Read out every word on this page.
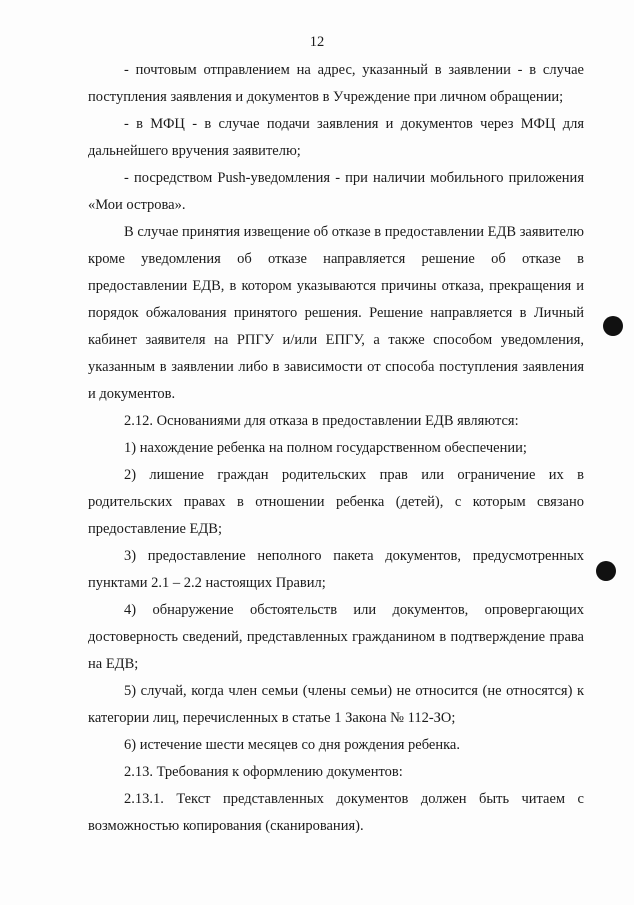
12

- почтовым отправлением на адрес, указанный в заявлении - в случае поступления заявления и документов в Учреждение при личном обращении;

- в МФЦ - в случае подачи заявления и документов через МФЦ для дальнейшего вручения заявителю;

- посредством Push-уведомления - при наличии мобильного приложения «Мои острова».

В случае принятия извещение об отказе в предоставлении ЕДВ заявителю кроме уведомления об отказе направляется решение об отказе в предоставлении ЕДВ, в котором указываются причины отказа, прекращения и порядок обжалования принятого решения. Решение направляется в Личный кабинет заявителя на РПГУ и/или ЕПГУ, а также способом уведомления, указанным в заявлении либо в зависимости от способа поступления заявления и документов.

2.12. Основаниями для отказа в предоставлении ЕДВ являются:

1) нахождение ребенка на полном государственном обеспечении;

2) лишение граждан родительских прав или ограничение их в родительских правах в отношении ребенка (детей), с которым связано предоставление ЕДВ;

3) предоставление неполного пакета документов, предусмотренных пунктами 2.1 – 2.2 настоящих Правил;

4) обнаружение обстоятельств или документов, опровергающих достоверность сведений, представленных гражданином в подтверждение права на ЕДВ;

5) случай, когда член семьи (члены семьи) не относится (не относятся) к категории лиц, перечисленных в статье 1 Закона № 112-ЗО;

6) истечение шести месяцев со дня рождения ребенка.

2.13. Требования к оформлению документов:

2.13.1. Текст представленных документов должен быть читаем с возможностью копирования (сканирования).
